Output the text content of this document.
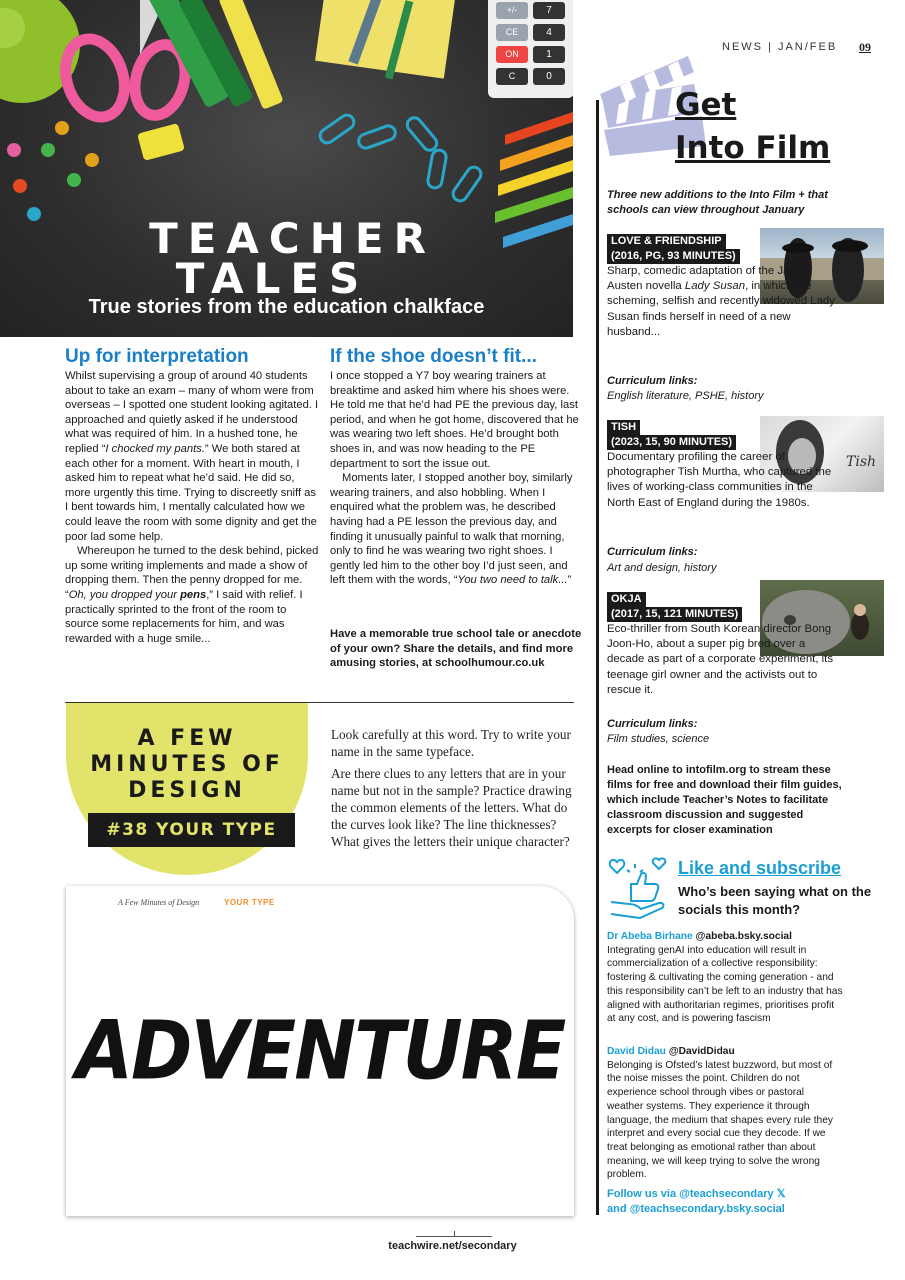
+/-	7
CE	4
ON	1
C	0
TEACHER
TALES
True stories from the education chalkface
Up for interpretation

Whilst supervising a group of around 40 students about to take an exam – many of whom were from overseas – I spotted one student looking agitated. I approached and quietly asked if he understood what was required of him. In a hushed tone, he replied “I chocked my pants.” We both stared at each other for a moment. With heart in mouth, I asked him to repeat what he’d said. He did so, more urgently this time. Trying to discreetly sniff as I bent towards him, I mentally calculated how we could leave the room with some dignity and get the poor lad some help.

Whereupon he turned to the desk behind, picked up some writing implements and made a show of dropping them. Then the penny dropped for me. “Oh, you dropped your pens,” I said with relief. I practically sprinted to the front of the room to source some replacements for him, and was rewarded with a huge smile...

If the shoe doesn’t fit...

I once stopped a Y7 boy wearing trainers at breaktime and asked him where his shoes were. He told me that he’d had PE the previous day, last period, and when he got home, discovered that he was wearing two left shoes. He’d brought both shoes in, and was now heading to the PE department to sort the issue out.

Moments later, I stopped another boy, similarly wearing trainers, and also hobbling. When I enquired what the problem was, he described having had a PE lesson the previous day, and finding it unusually painful to walk that morning, only to find he was wearing two right shoes. I gently led him to the other boy I’d just seen, and left them with the words, “You two need to talk...”

Have a memorable true school tale or anecdote of your own? Share the details, and find more amusing stories, at schoolhumour.co.uk
A FEW
MINUTES OF
DESIGN
#38 YOUR TYPE
Look carefully at this word. Try to write your name in the same typeface.
Are there clues to any letters that are in your name but not in the sample? Practice drawing the common elements of the letters. What do the curves look like? The line thicknesses? What gives the letters their unique character?
A Few Minutes of Design	YOUR TYPE
ADVENTURE
teachwire.net/secondary
NEWS | JAN/FEB 09
Get
Into Film
Three new additions to the Into Film + that schools can view throughout January
LOVE & FRIENDSHIP
(2016, PG, 93 MINUTES)
Sharp, comedic adaptation of the Jane Austen novella Lady Susan, in which the scheming, selfish and recently widowed Lady Susan finds herself in need of a new husband...
Curriculum links:
English literature, PSHE, history
TISH
(2023, 15, 90 MINUTES)
Tish
Documentary profiling the career of photographer Tish Murtha, who captured the lives of working-class communities in the North East of England during the 1980s.
Curriculum links:
Art and design, history
OKJA
(2017, 15, 121 MINUTES)
Eco-thriller from South Korean director Bong Joon-Ho, about a super pig bred over a decade as part of a corporate experiment, its teenage girl owner and the activists out to rescue it.
Curriculum links:
Film studies, science
Head online to intofilm.org to stream these films for free and download their film guides, which include Teacher’s Notes to facilitate classroom discussion and suggested excerpts for closer examination
Like and subscribe
Who’s been saying what on the socials this month?
Dr Abeba Birhane @abeba.bsky.social
Integrating genAI into education will result in commercialization of a collective responsibility: fostering & cultivating the coming generation - and this responsibility can’t be left to an industry that has aligned with authoritarian regimes, prioritises profit at any cost, and is powering fascism
David Didau @DavidDidau
Belonging is Ofsted’s latest buzzword, but most of the noise misses the point. Children do not experience school through vibes or pastoral weather systems. They experience it through language, the medium that shapes every rule they interpret and every social cue they decode. If we treat belonging as emotional rather than about meaning, we will keep trying to solve the wrong problem.
Follow us via @teachsecondary 𝕏
and @teachsecondary.bsky.social
